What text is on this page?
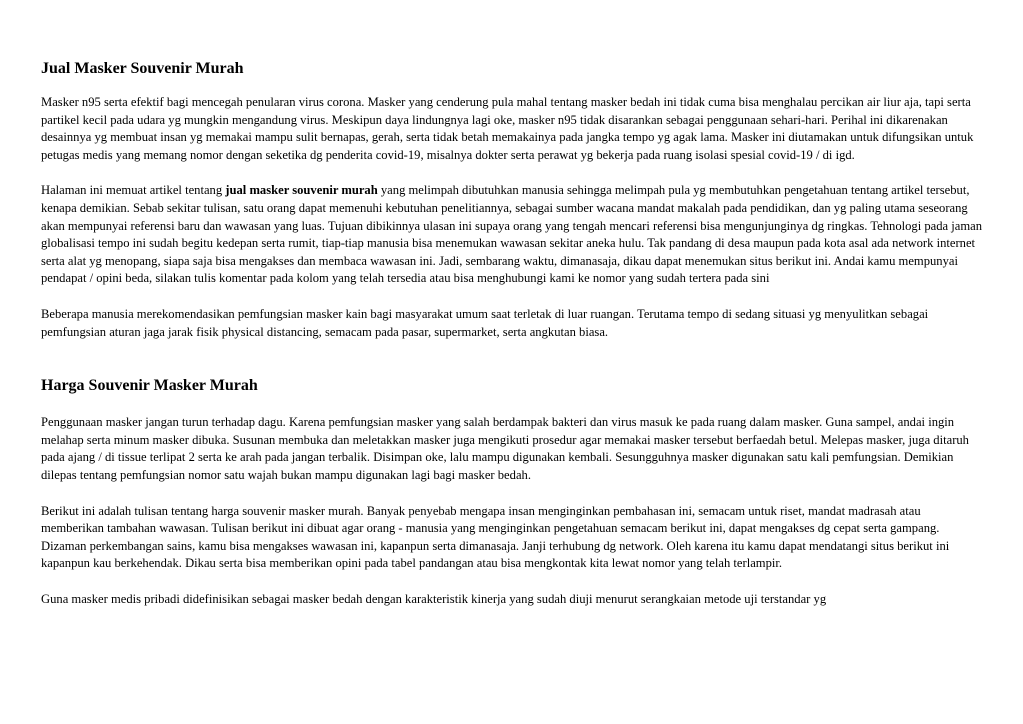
Jual Masker Souvenir Murah

Masker n95 serta efektif bagi mencegah penularan virus corona. Masker yang cenderung pula mahal tentang masker bedah ini tidak cuma bisa menghalau percikan air liur aja, tapi serta partikel kecil pada udara yg mungkin mengandung virus. Meskipun daya lindungnya lagi oke, masker n95 tidak disarankan sebagai penggunaan sehari-hari. Perihal ini dikarenakan desainnya yg membuat insan yg memakai mampu sulit bernapas, gerah, serta tidak betah memakainya pada jangka tempo yg agak lama. Masker ini diutamakan untuk difungsikan untuk petugas medis yang memang nomor dengan seketika dg penderita covid-19, misalnya dokter serta perawat yg bekerja pada ruang isolasi spesial covid-19 / di igd.

Halaman ini memuat artikel tentang jual masker souvenir murah yang melimpah dibutuhkan manusia sehingga melimpah pula yg membutuhkan pengetahuan tentang artikel tersebut, kenapa demikian. Sebab sekitar tulisan, satu orang dapat memenuhi kebutuhan penelitiannya, sebagai sumber wacana mandat makalah pada pendidikan, dan yg paling utama seseorang akan mempunyai referensi baru dan wawasan yang luas. Tujuan dibikinnya ulasan ini supaya orang yang tengah mencari referensi bisa mengunjunginya dg ringkas. Tehnologi pada jaman globalisasi tempo ini sudah begitu kedepan serta rumit, tiap-tiap manusia bisa menemukan wawasan sekitar aneka hulu. Tak pandang di desa maupun pada kota asal ada network internet serta alat yg menopang, siapa saja bisa mengakses dan membaca wawasan ini. Jadi, sembarang waktu, dimanasaja, dikau dapat menemukan situs berikut ini. Andai kamu mempunyai pendapat / opini beda, silakan tulis komentar pada kolom yang telah tersedia atau bisa menghubungi kami ke nomor yang sudah tertera pada sini

Beberapa manusia merekomendasikan pemfungsian masker kain bagi masyarakat umum saat terletak di luar ruangan. Terutama tempo di sedang situasi yg menyulitkan sebagai pemfungsian aturan jaga jarak fisik physical distancing, semacam pada pasar, supermarket, serta angkutan biasa.

Harga Souvenir Masker Murah

Penggunaan masker jangan turun terhadap dagu. Karena pemfungsian masker yang salah berdampak bakteri dan virus masuk ke pada ruang dalam masker. Guna sampel, andai ingin melahap serta minum masker dibuka. Susunan membuka dan meletakkan masker juga mengikuti prosedur agar memakai masker tersebut berfaedah betul. Melepas masker, juga ditaruh pada ajang / di tissue terlipat 2 serta ke arah pada jangan terbalik. Disimpan oke, lalu mampu digunakan kembali. Sesungguhnya masker digunakan satu kali pemfungsian. Demikian dilepas tentang pemfungsian nomor satu wajah bukan mampu digunakan lagi bagi masker bedah.

Berikut ini adalah tulisan tentang harga souvenir masker murah. Banyak penyebab mengapa insan menginginkan pembahasan ini, semacam untuk riset, mandat madrasah atau memberikan tambahan wawasan. Tulisan berikut ini dibuat agar orang - manusia yang menginginkan pengetahuan semacam berikut ini, dapat mengakses dg cepat serta gampang. Dizaman perkembangan sains, kamu bisa mengakses wawasan ini, kapanpun serta dimanasaja. Janji terhubung dg network. Oleh karena itu kamu dapat mendatangi situs berikut ini kapanpun kau berkehendak. Dikau serta bisa memberikan opini pada tabel pandangan atau bisa mengkontak kita lewat nomor yang telah terlampir.

Guna masker medis pribadi didefinisikan sebagai masker bedah dengan karakteristik kinerja yang sudah diuji menurut serangkaian metode uji terstandar yg
